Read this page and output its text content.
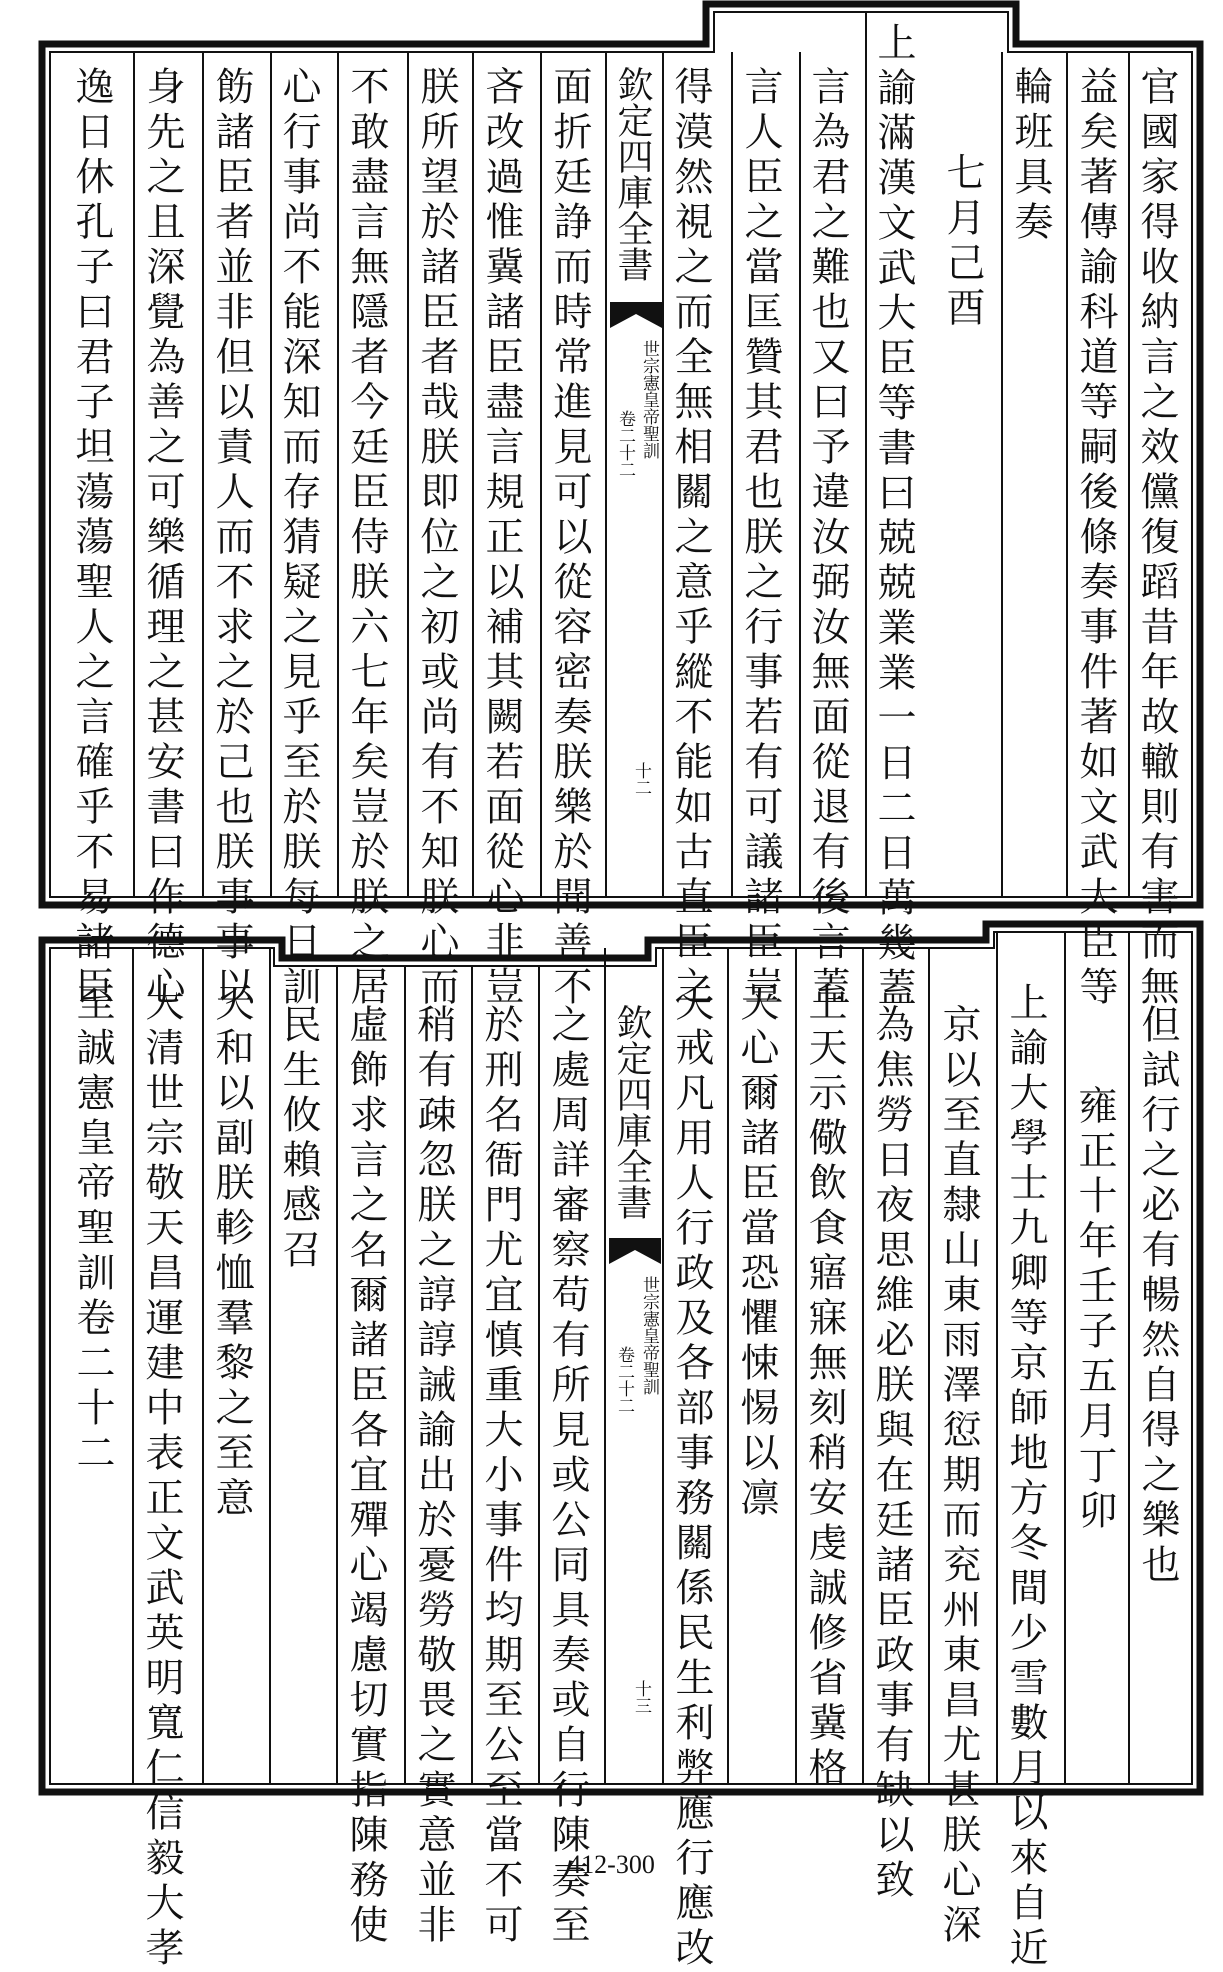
官國家得收納言之效儻復蹈昔年故轍則有害而無
益矣著傳諭科道等嗣後條奏事件著如文武大臣等
輪班具奏
七月己酉
上諭滿漢文武大臣等書曰兢兢業業一日二日萬幾蓋
言為君之難也又曰予違汝弼汝無面從退有後言蓋
言人臣之當匡贊其君也朕之行事若有可議諸臣豈
得漠然視之而全無相關之意乎縱不能如古直臣之
面折廷諍而時常進見可以從容密奏朕樂於聞善不
吝改過惟冀諸臣盡言規正以補其闕若面從心非豈
朕所望於諸臣者哉朕即位之初或尚有不知朕心而
不敢盡言無隱者今廷臣侍朕六七年矣豈於朕之居
心行事尚不能深知而存猜疑之見乎至於朕每日訓
飭諸臣者並非但以責人而不求之於己也朕事事以
身先之且深覺為善之可樂循理之甚安書曰作德心
逸日休孔子曰君子坦蕩蕩聖人之言確乎不易諸臣	欽定四庫全書
世宗憲皇帝聖訓
卷二十二
十二
但試行之必有暢然自得之樂也
雍正十年壬子五月丁卯
上諭大學士九卿等京師地方冬間少雪數月以來自近
京以至直隸山東雨澤愆期而兖州東昌尤甚朕心深
為焦勞日夜思維必朕與在廷諸臣政事有缺以致
上天示儆飲食寤寐無刻稍安虔誠修省冀格
天心爾諸臣當恐懼悚惕以凛
天戒凡用人行政及各部事務關係民生利弊應行應改
之處周詳審察苟有所見或公同具奏或自行陳奏至
於刑名衙門尤宜慎重大小事件均期至公至當不可
稍有疎忽朕之諄諄誡諭出於憂勞敬畏之實意並非
虛飾求言之名爾諸臣各宜殫心竭慮切實指陳務使
民生攸賴感召
天和以副朕軫恤羣黎之至意
大清世宗敬天昌運建中表正文武英明寬仁信毅大孝
至誠憲皇帝聖訓卷二十二	欽定四庫全書
世宗憲皇帝聖訓
卷二十二
十三
412-300
